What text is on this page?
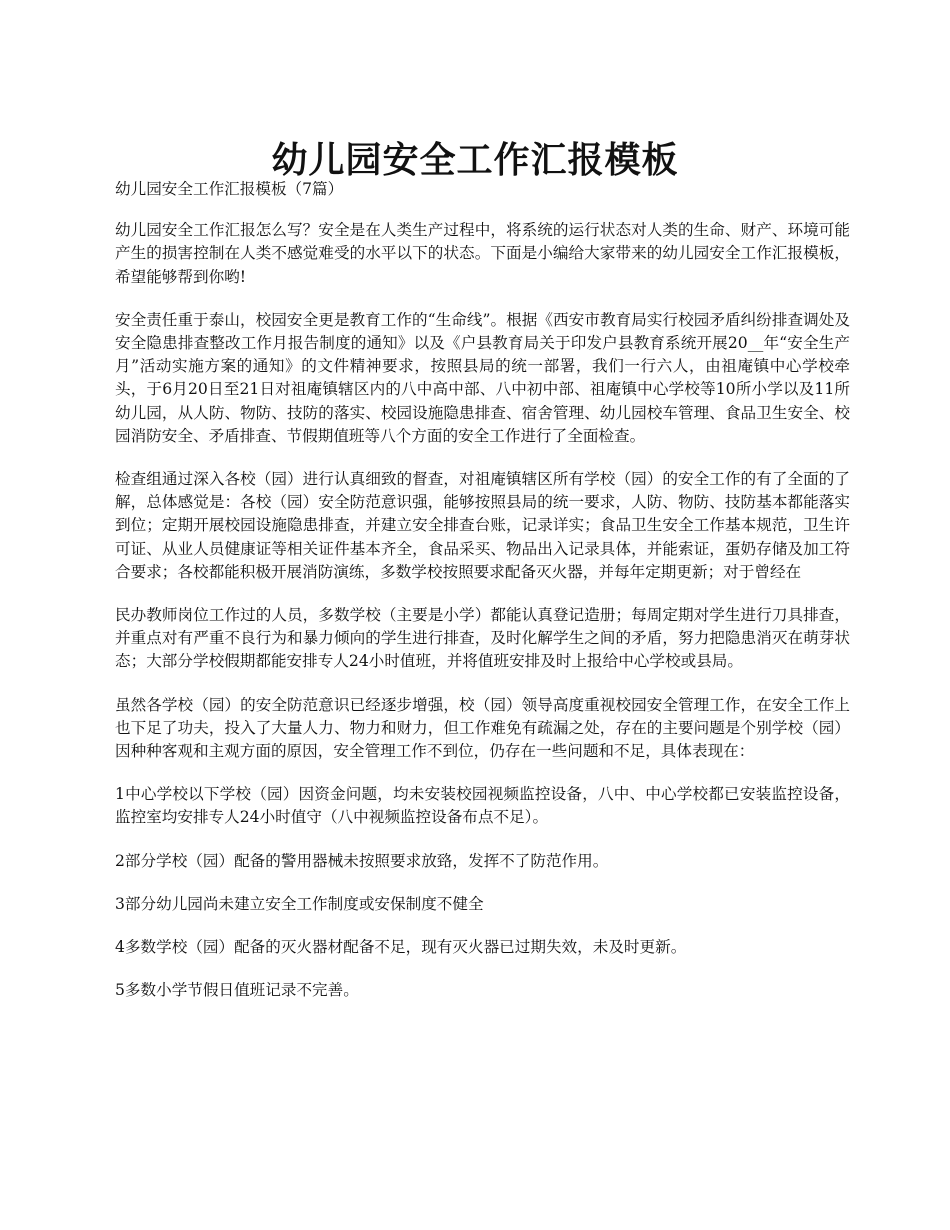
幼儿园安全工作汇报模板

幼儿园安全工作汇报模板（7篇）

幼儿园安全工作汇报怎么写？安全是在人类生产过程中，将系统的运行状态对人类的生命、财产、环境可能产生的损害控制在人类不感觉难受的水平以下的状态。下面是小编给大家带来的幼儿园安全工作汇报模板，希望能够帮到你哟!

安全责任重于泰山，校园安全更是教育工作的“生命线”。根据《西安市教育局实行校园矛盾纠纷排查调处及安全隐患排查整改工作月报告制度的通知》以及《户县教育局关于印发户县教育系统开展20__年“安全生产月”活动实施方案的通知》的文件精神要求，按照县局的统一部署，我们一行六人，由祖庵镇中心学校牵头，于6月20日至21日对祖庵镇辖区内的八中高中部、八中初中部、祖庵镇中心学校等10所小学以及11所幼儿园，从人防、物防、技防的落实、校园设施隐患排查、宿舍管理、幼儿园校车管理、食品卫生安全、校园消防安全、矛盾排查、节假期值班等八个方面的安全工作进行了全面检查。

检查组通过深入各校（园）进行认真细致的督查，对祖庵镇辖区所有学校（园）的安全工作的有了全面的了解，总体感觉是：各校（园）安全防范意识强，能够按照县局的统一要求，人防、物防、技防基本都能落实到位；定期开展校园设施隐患排查，并建立安全排查台账，记录详实；食品卫生安全工作基本规范，卫生许可证、从业人员健康证等相关证件基本齐全，食品采买、物品出入记录具体，并能索证，蛋奶存储及加工符合要求；各校都能积极开展消防演练，多数学校按照要求配备灭火器，并每年定期更新；对于曾经在

民办教师岗位工作过的人员，多数学校（主要是小学）都能认真登记造册；每周定期对学生进行刀具排查，并重点对有严重不良行为和暴力倾向的学生进行排查，及时化解学生之间的矛盾，努力把隐患消灭在萌芽状态；大部分学校假期都能安排专人24小时值班，并将值班安排及时上报给中心学校或县局。

虽然各学校（园）的安全防范意识已经逐步增强，校（园）领导高度重视校园安全管理工作，在安全工作上也下足了功夫，投入了大量人力、物力和财力，但工作难免有疏漏之处，存在的主要问题是个别学校（园）因种种客观和主观方面的原因，安全管理工作不到位，仍存在一些问题和不足，具体表现在：

1中心学校以下学校（园）因资金问题，均未安装校园视频监控设备，八中、中心学校都已安装监控设备，监控室均安排专人24小时值守（八中视频监控设备布点不足）。

2部分学校（园）配备的警用器械未按照要求放臵，发挥不了防范作用。

3部分幼儿园尚未建立安全工作制度或安保制度不健全

4多数学校（园）配备的灭火器材配备不足，现有灭火器已过期失效，未及时更新。

5多数小学节假日值班记录不完善。
